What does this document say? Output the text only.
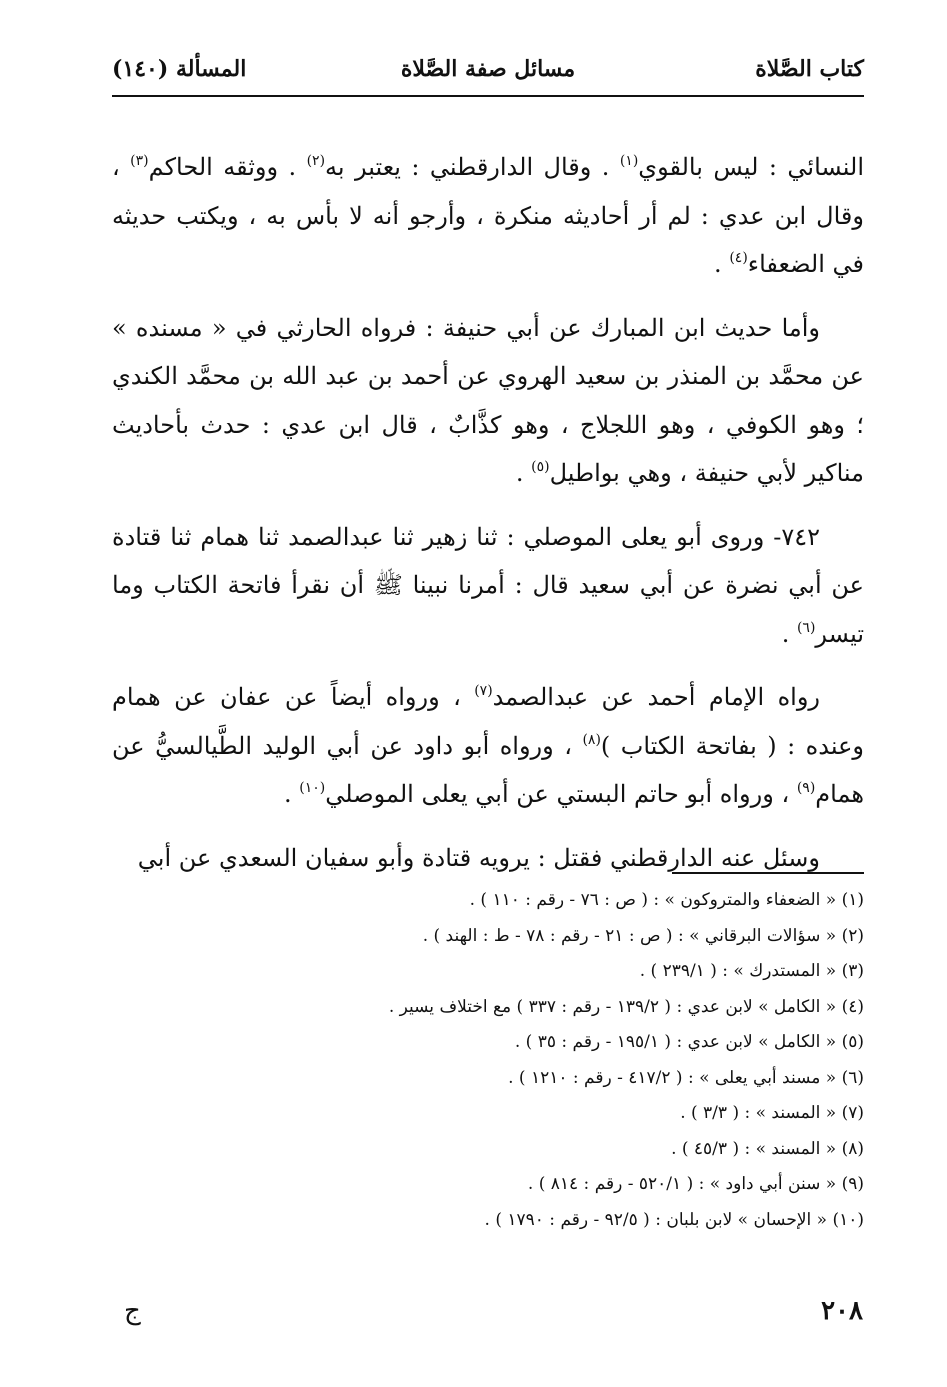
كتاب الصَّلاة
مسائل صفة الصَّلاة
المسألة (١٤٠)

النسائي : ليس بالقوي$^{(١)}$ . وقال الدارقطني : يعتبر به$^{(٢)}$ . ووثقه الحاكم$^{(٣)}$ ، وقال ابن عدي : لم أر أحاديثه منكرة ، وأرجو أنه لا بأس به ، ويكتب حديثه في الضعفاء$^{(٤)}$ .

وأما حديث ابن المبارك عن أبي حنيفة : فرواه الحارثي في « مسنده » عن محمَّد بن المنذر بن سعيد الهروي عن أحمد بن عبد الله بن محمَّد الكندي ؛ وهو الكوفي ، وهو اللجلاج ، وهو كذَّابٌ ، قال ابن عدي : حدث بأحاديث مناكير لأبي حنيفة ، وهي بواطيل$^{(٥)}$ .

٧٤٢- وروى أبو يعلى الموصلي : ثنا زهير ثنا عبدالصمد ثنا همام ثنا قتادة عن أبي نضرة عن أبي سعيد قال : أمرنا نبينا ﷺ أن نقرأ فاتحة الكتاب وما تيسر$^{(٦)}$ .

رواه الإمام أحمد عن عبدالصمد$^{(٧)}$ ، ورواه أيضاً عن عفان عن همام وعنده : ( بفاتحة الكتاب )$^{(٨)}$ ، ورواه أبو داود عن أبي الوليد الطَّيالسيُّ عن همام$^{(٩)}$ ، ورواه أبو حاتم البستي عن أبي يعلى الموصلي$^{(١٠)}$ .

وسئل عنه الدارقطني فقتل : يرويه قتادة وأبو سفيان السعدي عن أبي

(١) « الضعفاء والمتروكون » : ( ص : ٧٦ - رقم : ١١٠ ) .
(٢) « سؤالات البرقاني » : ( ص : ٢١ - رقم : ٧٨ - ط : الهند ) .
(٣) « المستدرك » : ( ٢٣٩/١ ) .
(٤) « الكامل » لابن عدي : ( ١٣٩/٢ - رقم : ٣٣٧ ) مع اختلاف يسير .
(٥) « الكامل » لابن عدي : ( ١٩٥/١ - رقم : ٣٥ ) .
(٦) « مسند أبي يعلى » : ( ٤١٧/٢ - رقم : ١٢١٠ ) .
(٧) « المسند » : ( ٣/٣ ) .
(٨) « المسند » : ( ٤٥/٣ ) .
(٩) « سنن أبي داود » : ( ٥٢٠/١ - رقم : ٨١٤ ) .
(١٠) « الإحسان » لابن بلبان : ( ٩٢/٥ - رقم : ١٧٩٠ ) .
٢٠٨
ج
